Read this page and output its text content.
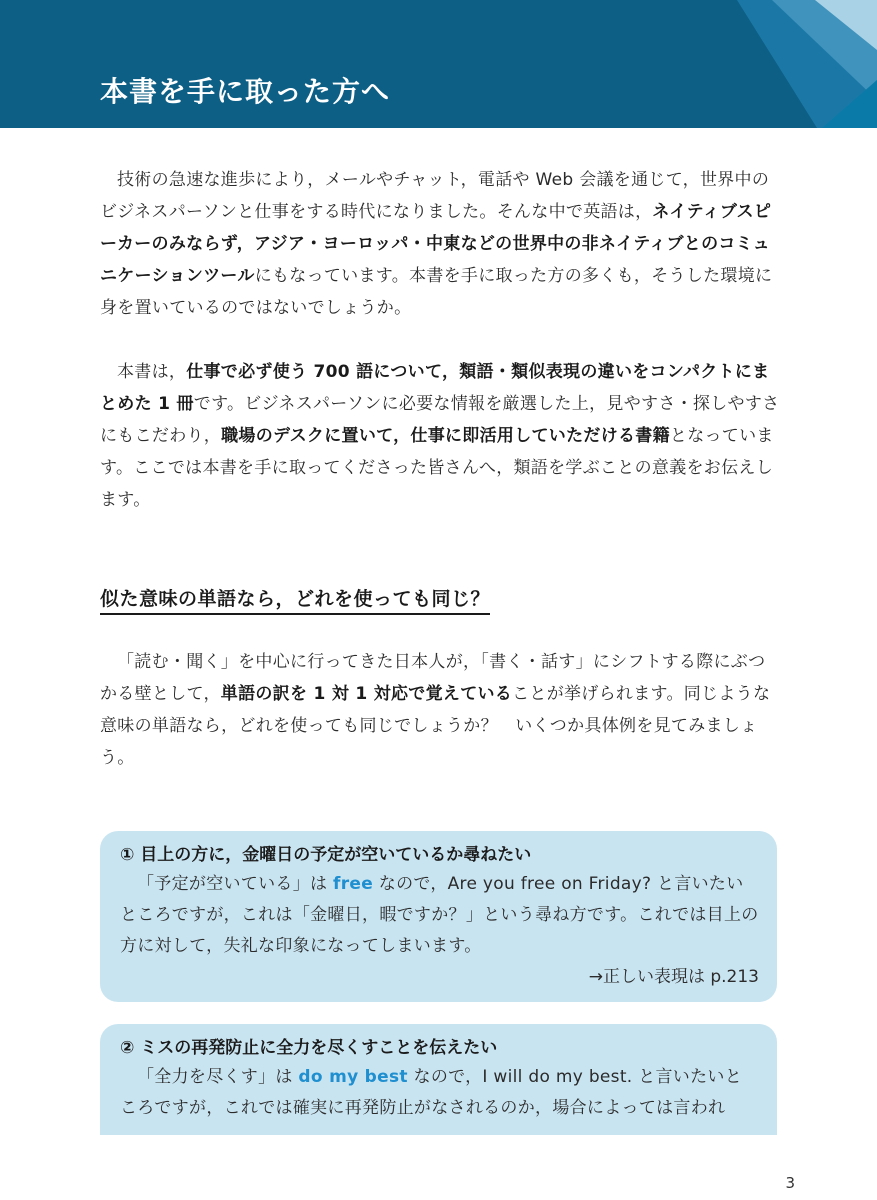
本書を手に取った方へ

技術の急速な進歩により，メールやチャット，電話や Web 会議を通じて，世界中のビジネスパーソンと仕事をする時代になりました。そんな中で英語は，ネイティブスピーカーのみならず，アジア・ヨーロッパ・中東などの世界中の非ネイティブとのコミュニケーションツールにもなっています。本書を手に取った方の多くも，そうした環境に身を置いているのではないでしょうか。

本書は，仕事で必ず使う 700 語について，類語・類似表現の違いをコンパクトにまとめた 1 冊です。ビジネスパーソンに必要な情報を厳選した上，見やすさ・探しやすさにもこだわり，職場のデスクに置いて，仕事に即活用していただける書籍となっています。ここでは本書を手に取ってくださった皆さんへ，類語を学ぶことの意義をお伝えします。

似た意味の単語なら，どれを使っても同じ？

「読む・聞く」を中心に行ってきた日本人が，「書く・話す」にシフトする際にぶつかる壁として，単語の訳を 1 対 1 対応で覚えていることが挙げられます。同じような意味の単語なら，どれを使っても同じでしょうか？　いくつか具体例を見てみましょう。

① 目上の方に，金曜日の予定が空いているか尋ねたい

「予定が空いている」は free なので，Are you free on Friday? と言いたいところですが，これは「金曜日，暇ですか？」という尋ね方です。これでは目上の方に対して，失礼な印象になってしまいます。

→正しい表現は p.213

② ミスの再発防止に全力を尽くすことを伝えたい

「全力を尽くす」は do my best なので，I will do my best. と言いたいところですが，これでは確実に再発防止がなされるのか，場合によっては言われ

3
